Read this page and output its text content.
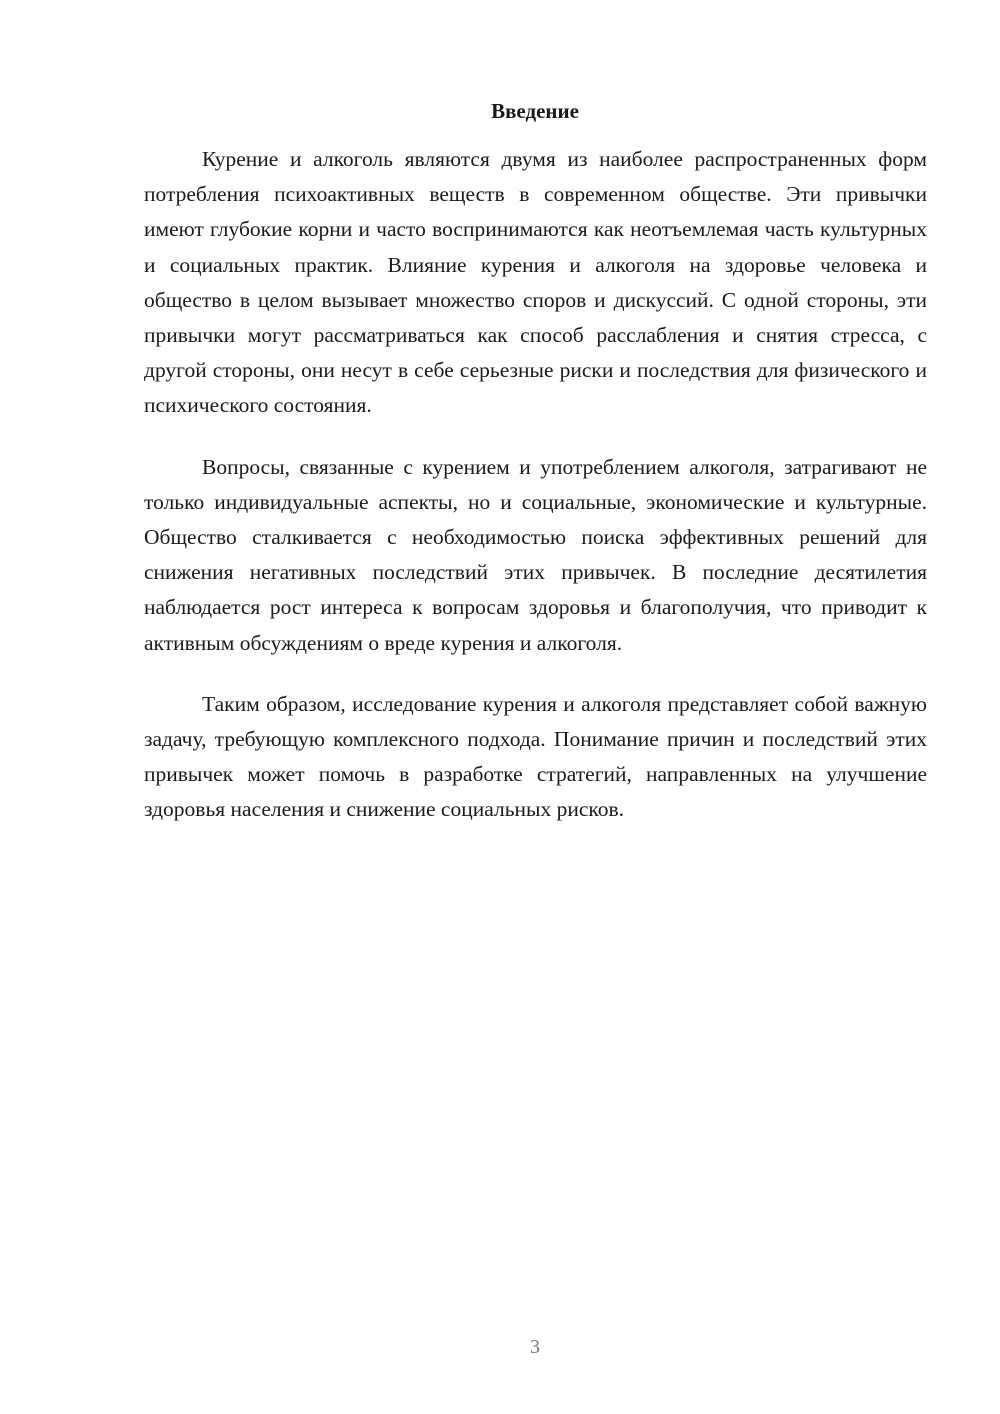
Введение

Курение и алкоголь являются двумя из наиболее распространенных форм потребления психоактивных веществ в современном обществе. Эти привычки имеют глубокие корни и часто воспринимаются как неотъемлемая часть культурных и социальных практик. Влияние курения и алкоголя на здоровье человека и общество в целом вызывает множество споров и дискуссий. С одной стороны, эти привычки могут рассматриваться как способ расслабления и снятия стресса, с другой стороны, они несут в себе серьезные риски и последствия для физического и психического состояния.

Вопросы, связанные с курением и употреблением алкоголя, затрагивают не только индивидуальные аспекты, но и социальные, экономические и культурные. Общество сталкивается с необходимостью поиска эффективных решений для снижения негативных последствий этих привычек. В последние десятилетия наблюдается рост интереса к вопросам здоровья и благополучия, что приводит к активным обсуждениям о вреде курения и алкоголя.

Таким образом, исследование курения и алкоголя представляет собой важную задачу, требующую комплексного подхода. Понимание причин и последствий этих привычек может помочь в разработке стратегий, направленных на улучшение здоровья населения и снижение социальных рисков.

3
